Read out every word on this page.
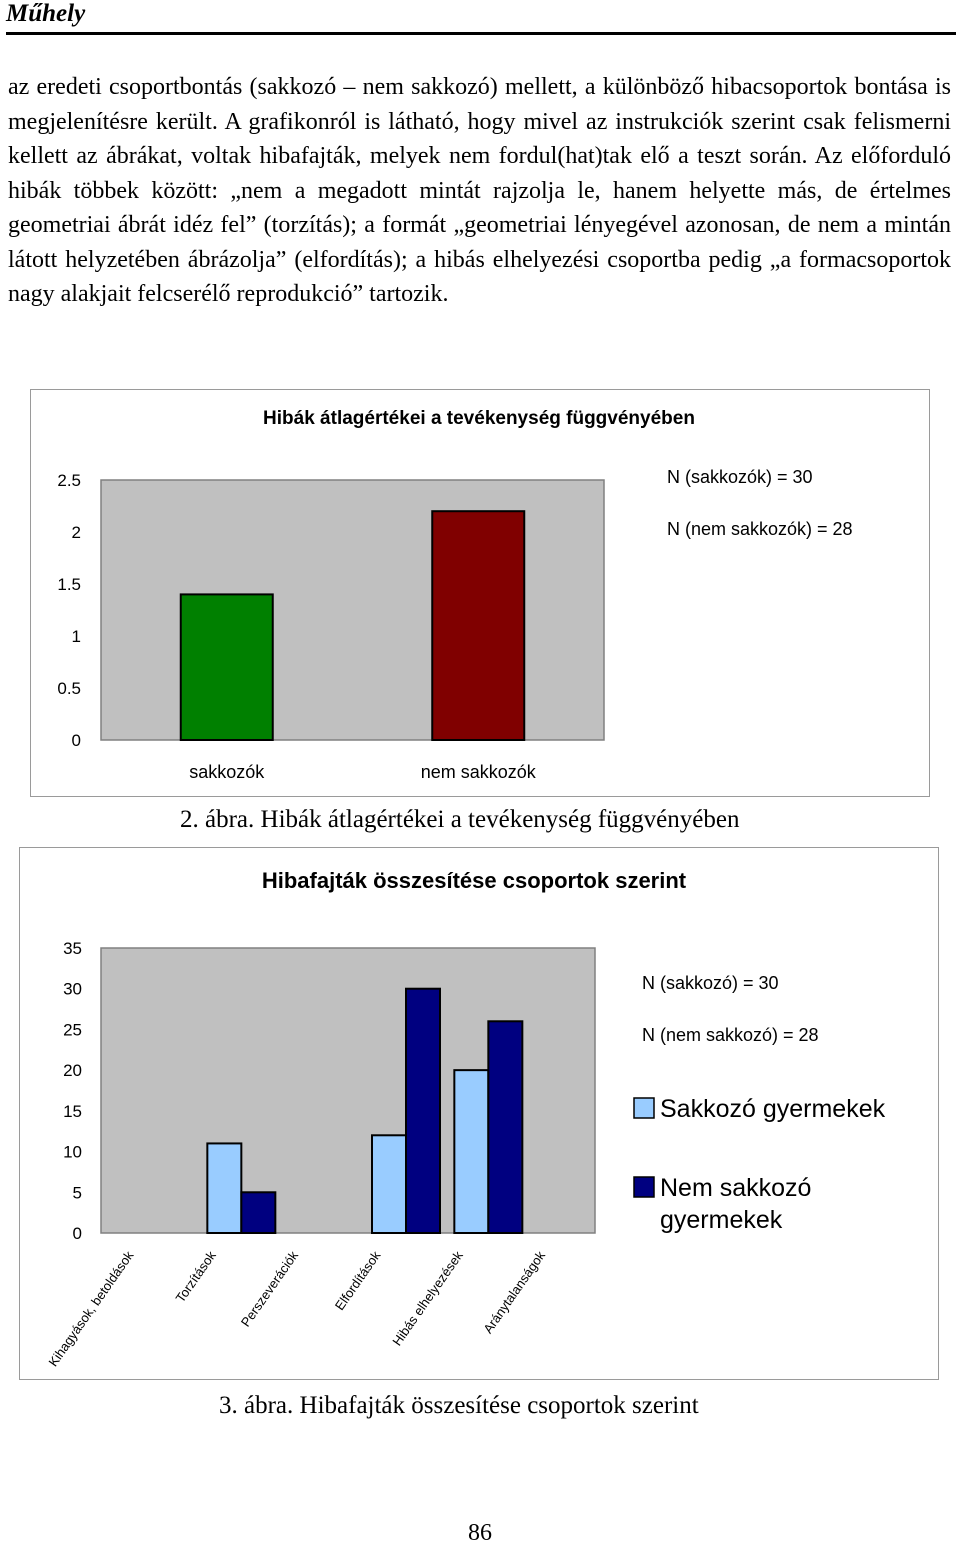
Műhely

az eredeti csoportbontás (sakkozó – nem sakkozó) mellett, a különböző hibacsoportok bontása is megjelenítésre került. A grafikonról is látható, hogy mivel az instrukciók szerint csak felismerni kellett az ábrákat, voltak hibafajták, melyek nem fordul(hat)tak elő a teszt során. Az előforduló hibák többek között: „nem a megadott mintát rajzolja le, hanem helyette más, de értelmes geometriai ábrát idéz fel” (torzítás); a formát „geometriai lényegével azonosan, de nem a mintán látott helyzetében ábrázolja” (elfordítás); a hibás elhelyezési csoportba pedig „a formacsoportok nagy alakjait felcserélő reprodukció” tartozik.

Hibák átlagértékei a tevékenység függvényében
0
0.5
1
1.5
2
2.5
sakkozók	nem sakkozók
N (sakkozók) = 30
N (nem sakkozók) = 28
2. ábra. Hibák átlagértékei a tevékenység függvényében
Hibafajták összesítése csoportok szerint
0
5
10
15
20
25
30
35
Kihagyások, betoldások	Torzítások Perszeverációk Elfordítások Hibás elhelyezések Aránytalanságok
N (sakkozó) = 30
N (nem sakkozó) = 28
Sakkozó gyermekek
Nem sakkozó gyermekek
3. ábra. Hibafajták összesítése csoportok szerint
86
